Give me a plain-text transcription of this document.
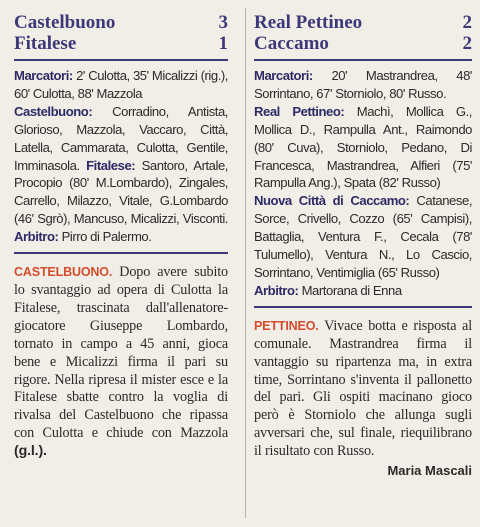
Castelbuono	3
Fitalese	1

Marcatori: 2' Culotta, 35' Micalizzi (rig.), 60' Culotta, 88' Mazzola
Castelbuono: Corradino, Antista, Glorioso, Mazzola, Vaccaro, Città, Latella, Cammarata, Culotta, Gentile, Imminasola. Fitalese: Santoro, Artale, Procopio (80' M.Lombardo), Zingales, Carrello, Milazzo, Vitale, G.Lombardo (46' Sgrò), Mancuso, Micalizzi, Visconti. Arbitro: Pirro di Palermo.

CASTELBUONO. Dopo avere subito lo svantaggio ad opera di Culotta la Fitalese, trascinata dall'allenatore-giocatore Giuseppe Lombardo, tornato in campo a 45 anni, gioca bene e Micalizzi firma il pari su rigore. Nella ripresa il mister esce e la Fitalese sbatte contro la voglia di rivalsa del Castelbuono che ripassa con Culotta e chiude con Mazzola (g.l.).

Real Pettineo	2
Caccamo	2

Marcatori: 20' Mastrandrea, 48' Sorrintano, 67' Storniolo, 80' Russo.
Real Pettineo: Machì, Mollica G., Mollica D., Rampulla Ant., Raimondo (80' Cuva), Storniolo, Pedano, Di Francesca, Mastrandrea, Alfieri (75' Rampulla Ang.), Spata (82' Russo)
Nuova Città di Caccamo: Catanese, Sorce, Crivello, Cozzo (65' Campisi), Battaglia, Ventura F., Cecala (78' Tulumello), Ventura N., Lo Cascio, Sorrintano, Ventimiglia (65' Russo)
Arbitro: Martorana di Enna

PETTINEO. Vivace botta e risposta al comunale. Mastrandrea firma il vantaggio su ripartenza ma, in extra time, Sorrintano s'inventa il pallonetto del pari. Gli ospiti macinano gioco però è Storniolo che allunga sugli avversari che, sul finale, riequilibrano il risultato con Russo.

Maria Mascali
